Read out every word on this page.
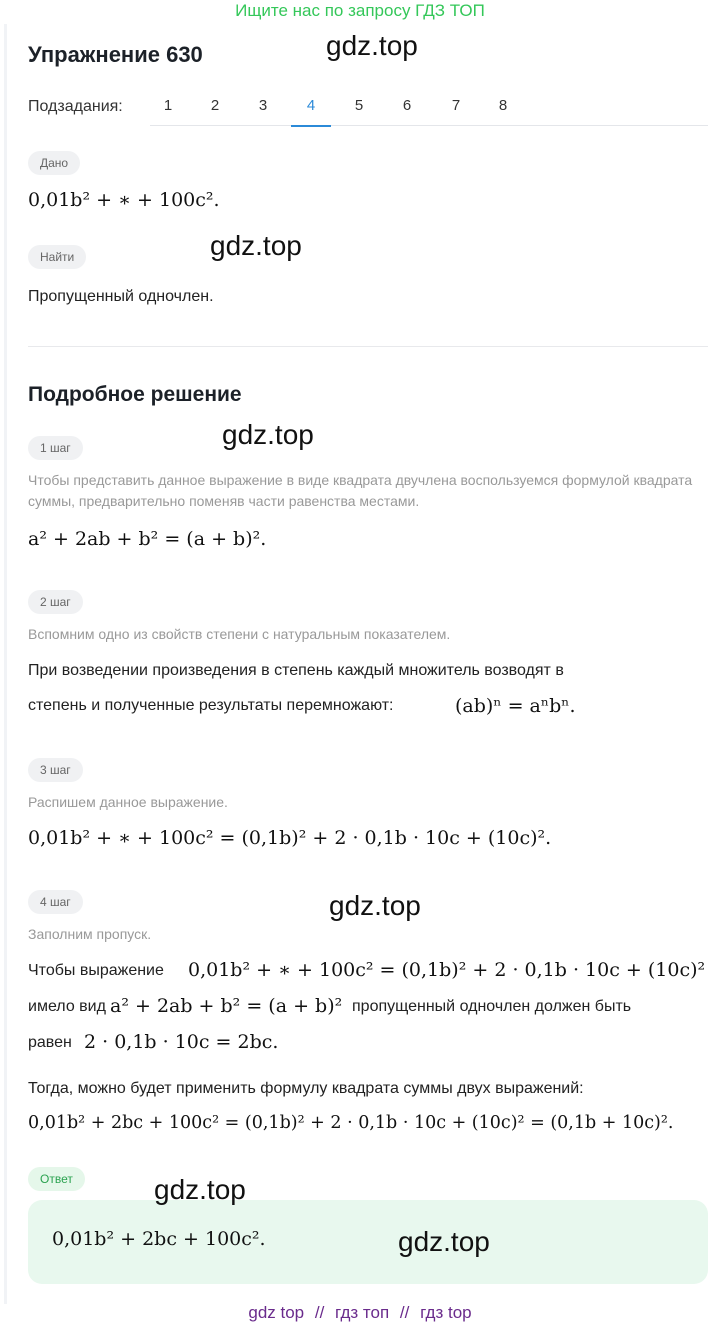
Ищите нас по запросу ГДЗ ТОП
Упражнение 630
Подзадания:	1	2	3	4	5	6	7	8
Дано
0,01b² + ∗ + 100c².
Найти
Пропущенный одночлен.
Подробное решение
1 шаг
Чтобы представить данное выражение в виде квадрата двучлена воспользуемся формулой квадрата суммы, предварительно поменяв части равенства местами.
a² + 2ab + b² = (a + b)².
2 шаг
Вспомним одно из свойств степени с натуральным показателем.
При возведении произведения в степень каждый множитель возводят в
степень и полученные результаты перемножают:	(ab)ⁿ = aⁿbⁿ.
3 шаг
Распишем данное выражение.
0,01b² + ∗ + 100c² = (0,1b)² + 2 · 0,1b · 10c + (10c)².
4 шаг
Заполним пропуск.
Чтобы выражение 0,01b² + ∗ + 100c² = (0,1b)² + 2 · 0,1b · 10c + (10c)²
имело вид a² + 2ab + b² = (a + b)² пропущенный одночлен должен быть
равен 2 · 0,1b · 10c = 2bc.
Тогда, можно будет применить формулу квадрата суммы двух выражений:
0,01b² + 2bc + 100c² = (0,1b)² + 2 · 0,1b · 10c + (10c)² = (0,1b + 10c)².
Ответ
0,01b² + 2bc + 100c².
gdz.top
gdz.top
gdz.top
gdz.top
gdz.top
gdz.top
gdz top // гдз топ // гдз top
